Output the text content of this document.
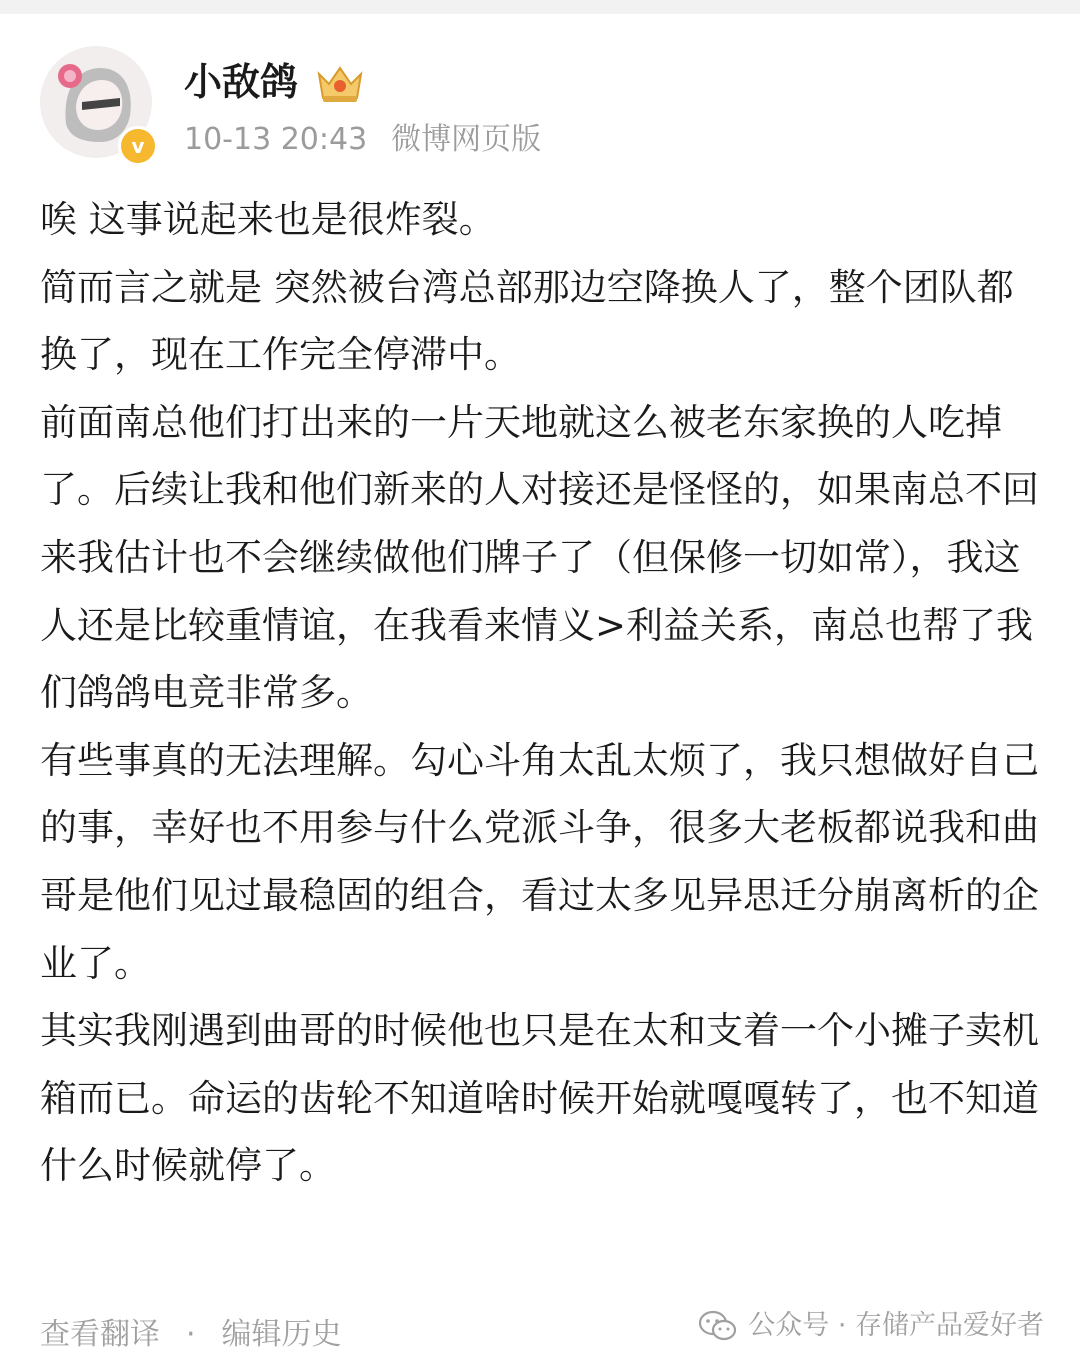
v
小敌鸽
10-13 20:43 微博网页版

唉 这事说起来也是很炸裂。

简而言之就是 突然被台湾总部那边空降换人了，整个团队都换了，现在工作完全停滞中。

前面南总他们打出来的一片天地就这么被老东家换的人吃掉了。后续让我和他们新来的人对接还是怪怪的，如果南总不回来我估计也不会继续做他们牌子了（但保修一切如常），我这人还是比较重情谊，在我看来情义>利益关系，南总也帮了我们鸽鸽电竞非常多。

有些事真的无法理解。勾心斗角太乱太烦了，我只想做好自己的事，幸好也不用参与什么党派斗争，很多大老板都说我和曲哥是他们见过最稳固的组合，看过太多见异思迁分崩离析的企业了。

其实我刚遇到曲哥的时候他也只是在太和支着一个小摊子卖机箱而已。命运的齿轮不知道啥时候开始就嘎嘎转了，也不知道什么时候就停了。

查看翻译 · 编辑历史	公众号 · 存储产品爱好者
